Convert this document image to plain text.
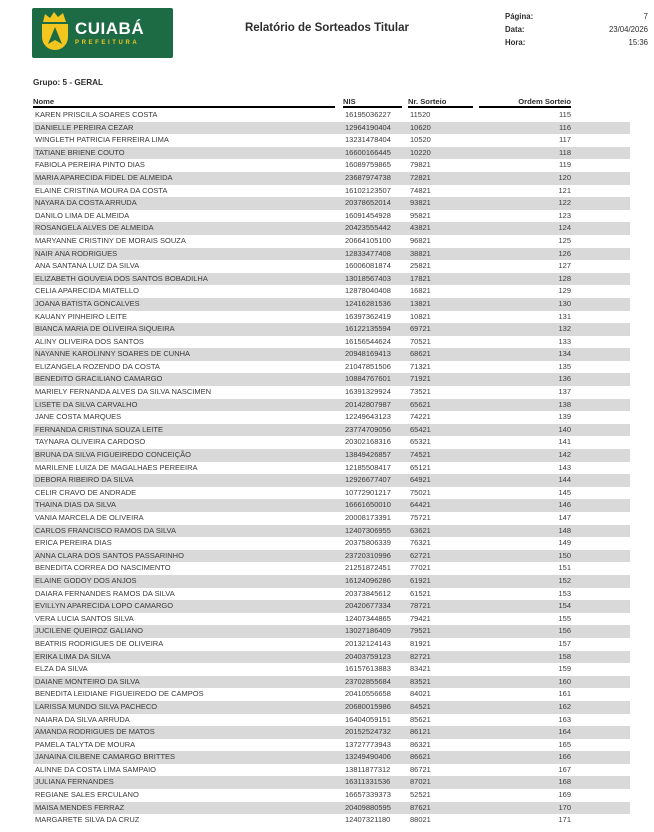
CUIABÁ
PREFEITURA
Relatório de Sorteados Titular
Página:	7
Data:	23/04/2026
Hora:	15:36
Grupo: 5 - GERAL
Nome	NIS	Nr. Sorteio	Ordem Sorteio
KAREN PRISCILA SOARES COSTA	16195036227	11520	115
DANIELLE PEREIRA CEZAR	12964190404	10620	116
WINGLETH PATRICIA FERREIRA LIMA	13231478404	10520	117
TATIANE BRIENE COUTO	16600166445	10220	118
FABIOLA PEREIRA PINTO DIAS	16089759865	79821	119
MARIA APARECIDA FIDEL DE ALMEIDA	23687974738	72821	120
ELAINE CRISTINA MOURA DA COSTA	16102123507	74821	121
NAYARA DA COSTA ARRUDA	20378652014	93821	122
DANILO LIMA DE ALMEIDA	16091454928	95821	123
ROSANGELA ALVES DE ALMEIDA	20423555442	43821	124
MARYANNE CRISTINY DE MORAIS SOUZA	20664105100	96821	125
NAIR ANA RODRIGUES	12833477408	38821	126
ANA SANTANA LUIZ DA SILVA	16006081874	25821	127
ELIZABETH GOUVEIA DOS SANTOS BOBADILHA	13018567403	17821	128
CELIA APARECIDA MIATELLO	12878040408	16821	129
JOANA BATISTA GONCALVES	12416281536	13821	130
KAUANY PINHEIRO LEITE	16397362419	10821	131
BIANCA MARIA DE OLIVEIRA SIQUEIRA	16122135594	69721	132
ALINY OLIVEIRA DOS SANTOS	16156544624	70521	133
NAYANNE KAROLINNY SOARES DE CUNHA	20948169413	68621	134
ELIZANGELA ROZENDO DA COSTA	21047851506	71321	135
BENEDITO GRACILIANO CAMARGO	10884767601	71921	136
MARIELY FERNANDA ALVES DA SILVA NASCIMEN	16391329924	73521	137
LISETE DA SILVA CARVALHO	20142807987	65621	138
JANE COSTA MARQUES	12249643123	74221	139
FERNANDA CRISTINA SOUZA LEITE	23774709056	65421	140
TAYNARA OLIVEIRA CARDOSO	20302168316	65321	141
BRUNA DA SILVA FIGUEIREDO CONCEIÇÃO	13849426857	74521	142
MARILENE LUIZA DE MAGALHAES PEREEIRA	12185508417	65121	143
DEBORA RIBEIRO DA SILVA	12926677407	64921	144
CELIR CRAVO DE ANDRADE	10772901217	75021	145
THAINA DIAS DA SILVA	16661650010	64421	146
VANIA MARCELA DE OLIVEIRA	20008173391	75721	147
CARLOS FRANCISCO RAMOS DA SILVA	12407306955	63621	148
ERICA PEREIRA DIAS	20375806339	76321	149
ANNA CLARA DOS SANTOS PASSARINHO	23720310996	62721	150
BENEDITA CORREA DO NASCIMENTO	21251872451	77021	151
ELAINE GODOY DOS ANJOS	16124096286	61921	152
DAIARA FERNANDES RAMOS DA SILVA	20373845612	61521	153
EVILLYN APARECIDA LOPO CAMARGO	20420677334	78721	154
VERA LUCIA SANTOS SILVA	12407344865	79421	155
JUCILENE QUEIROZ GALIANO	13027186409	79521	156
BEATRIS RODRIGUES DE OLIVEIRA	20132124143	81921	157
ERIKA LIMA DA SILVA	20403759123	82721	158
ELZA DA SILVA	16157613883	83421	159
DAIANE MONTEIRO DA SILVA	23702855684	83521	160
BENEDITA LEIDIANE FIGUEIREDO DE CAMPOS	20410556658	84021	161
LARISSA MUNDO SILVA PACHECO	20680015986	84521	162
NAIARA DA SILVA ARRUDA	16404059151	85621	163
AMANDA RODRIGUES DE MATOS	20152524732	86121	164
PAMELA TALYTA DE MOURA	13727773943	86321	165
JANAINA CILBENE CAMARGO BRITTES	13249490406	86621	166
ALINNE DA COSTA LIMA SAMPAIO	13811877312	86721	167
JULIANA FERNANDES	16311331536	87021	168
REGIANE SALES ERCULANO	16657339373	52521	169
MAISA MENDES FERRAZ	20409880595	87621	170
MARGARETE SILVA DA CRUZ	12407321180	88021	171
